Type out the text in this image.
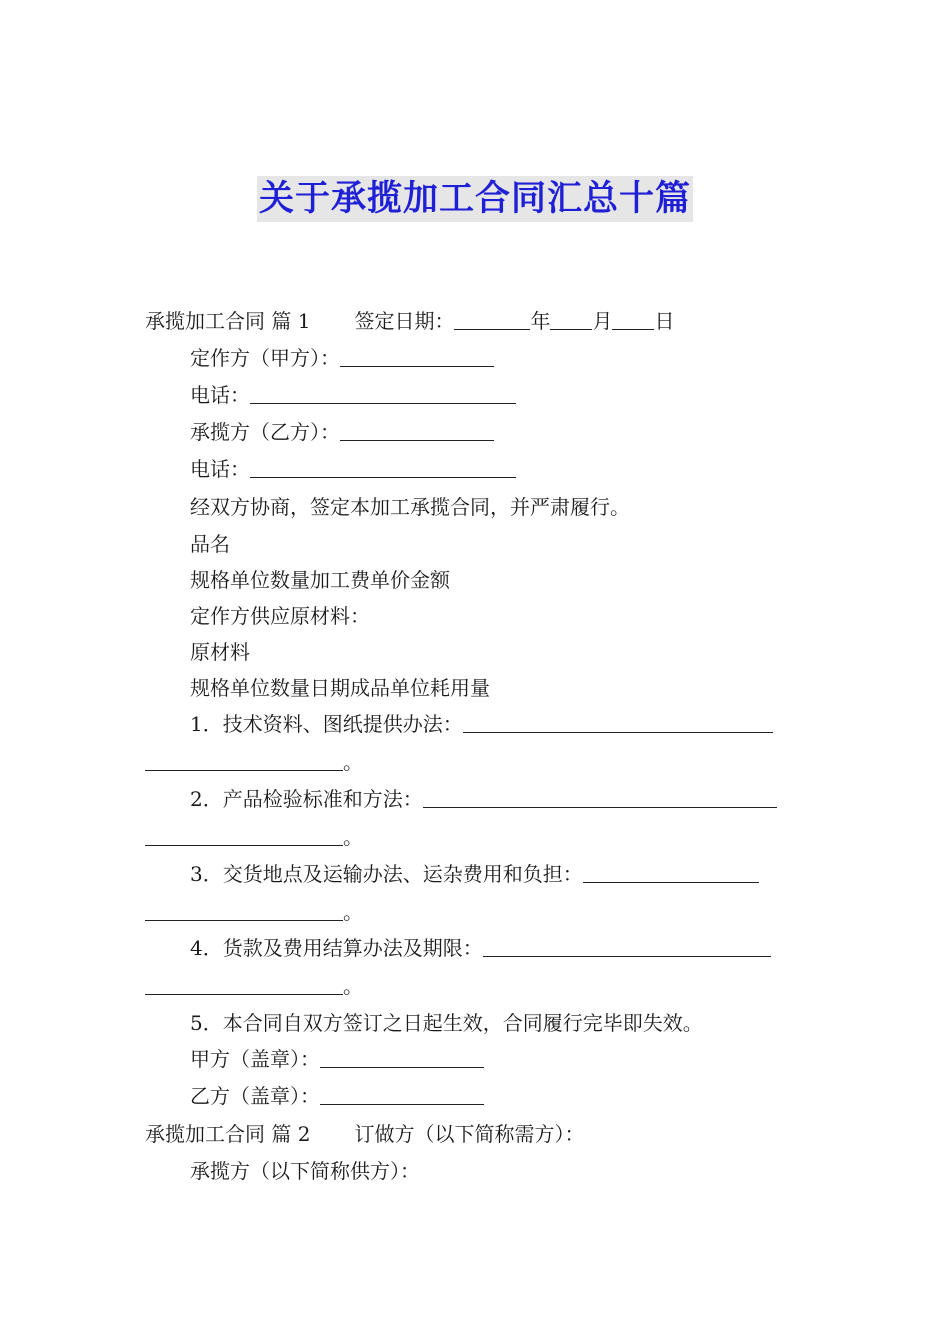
关于承揽加工合同汇总十篇
承揽加工合同 篇 1 签定日期：	年 月 日
定作方（甲方）：
电话：
承揽方（乙方）：
电话：
经双方协商，签定本加工承揽合同，并严肃履行。
品名
规格单位数量加工费单价金额
定作方供应原材料：
原材料
规格单位数量日期成品单位耗用量
1．技术资料、图纸提供办法：
。
2．产品检验标准和方法：
。
3．交货地点及运输办法、运杂费用和负担：
。
4．货款及费用结算办法及期限：
。
5．本合同自双方签订之日起生效，合同履行完毕即失效。
甲方（盖章）：
乙方（盖章）：
承揽加工合同 篇 2 订做方（以下简称需方）：
承揽方（以下简称供方）：
